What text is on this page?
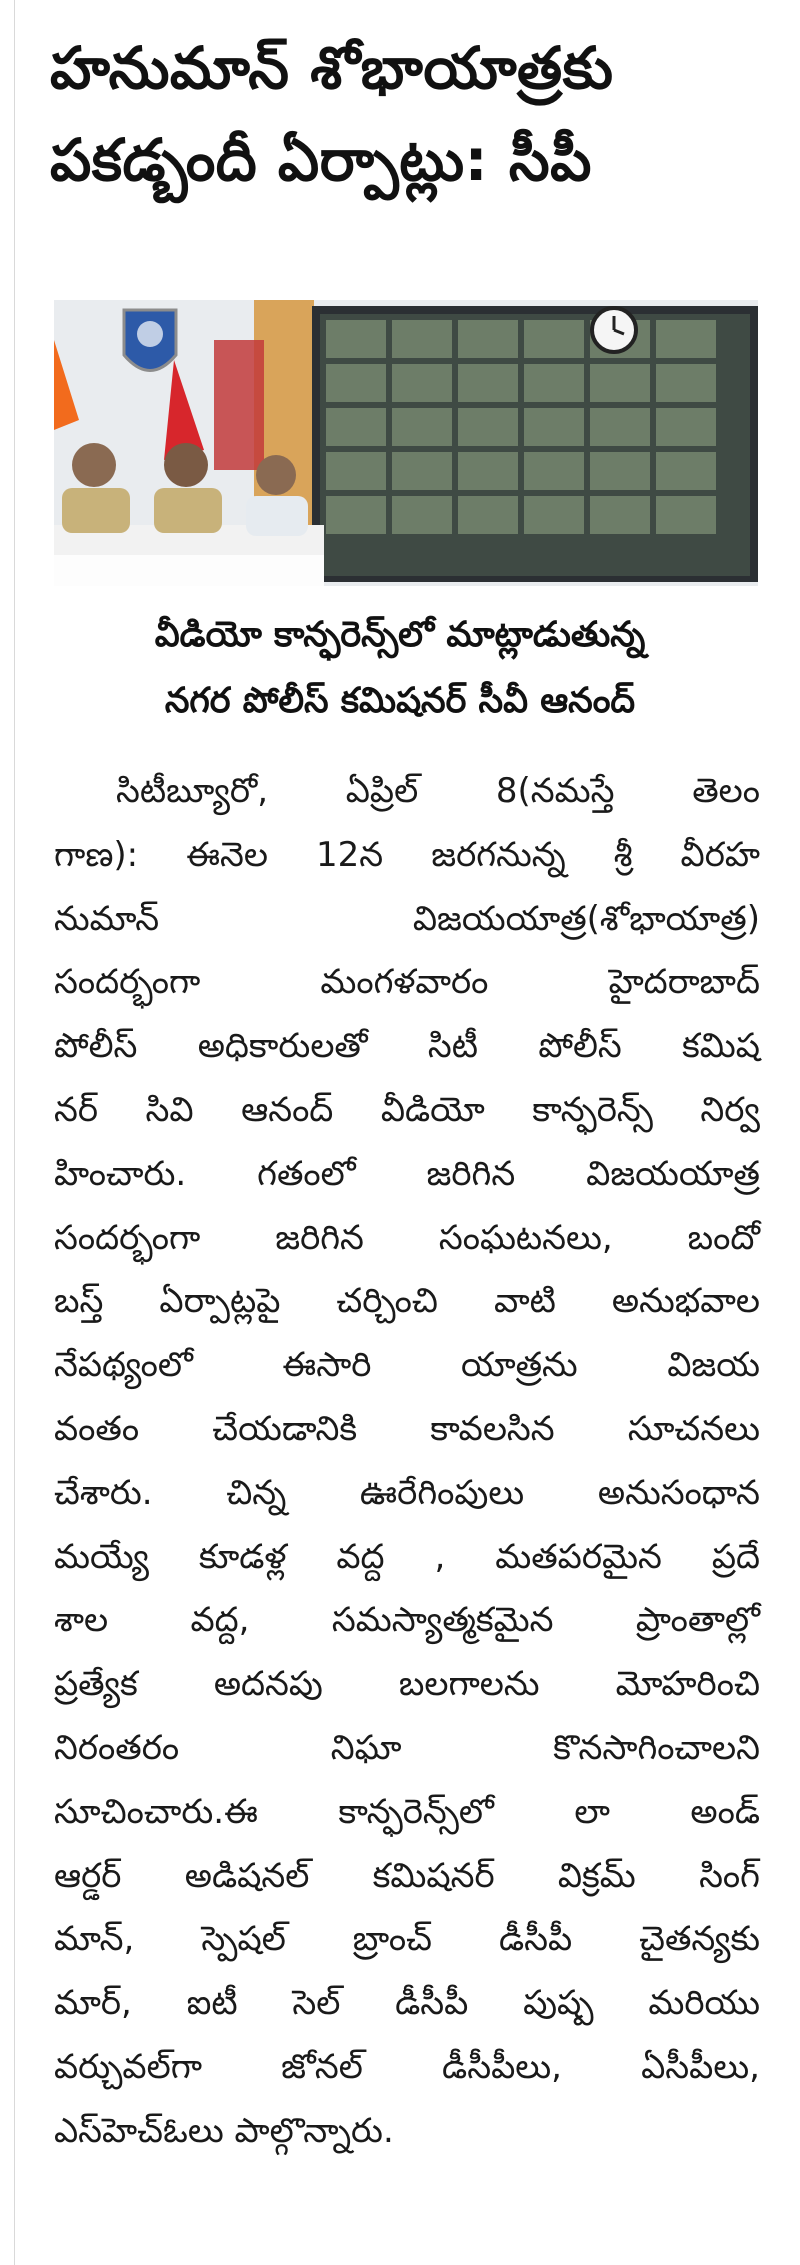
హనుమాన్ శోభాయాత్రకు
పకడ్బందీ ఏర్పాట్లు: సీపీ
వీడియో కాన్ఫరెన్స్‌లో మాట్లాడుతున్న
నగర పోలీస్ కమిషనర్ సీవీ ఆనంద్
సిటీబ్యూరో, ఏప్రిల్ 8(నమస్తే తెలం
గాణ): ఈనెల 12న జరగనున్న శ్రీ వీరహ
నుమాన్ విజయయాత్ర(శోభాయాత్ర)
సందర్భంగా మంగళవారం హైదరాబాద్
పోలీస్ అధికారులతో సిటీ పోలీస్ కమిష
నర్ సివి ఆనంద్ వీడియో కాన్ఫరెన్స్ నిర్వ
హించారు. గతంలో జరిగిన విజయయాత్ర
సందర్భంగా జరిగిన సంఘటనలు, బందో
బస్త్ ఏర్పాట్లపై చర్చించి వాటి అనుభవాల
నేపథ్యంలో ఈసారి యాత్రను విజయ
వంతం చేయడానికి కావలసిన సూచనలు
చేశారు. చిన్న ఊరేగింపులు అనుసంధాన
మయ్యే కూడళ్ల వద్ద , మతపరమైన ప్రదే
శాల వద్ద, సమస్యాత్మకమైన ప్రాంతాల్లో
ప్రత్యేక అదనపు బలగాలను మోహరించి
నిరంతరం నిఘా కొనసాగించాలని
సూచించారు.ఈ కాన్ఫరెన్స్‌లో లా అండ్
ఆర్డర్ అడిషనల్ కమిషనర్ విక్రమ్ సింగ్
మాన్, స్పెషల్ బ్రాంచ్ డీసీపీ చైతన్యకు
మార్, ఐటీ సెల్ డీసీపీ పుష్ప మరియు
వర్చువల్‌గా జోనల్ డీసీపీలు, ఏసీపీలు,
ఎస్‌హెచ్‌ఓలు పాల్గొన్నారు.
